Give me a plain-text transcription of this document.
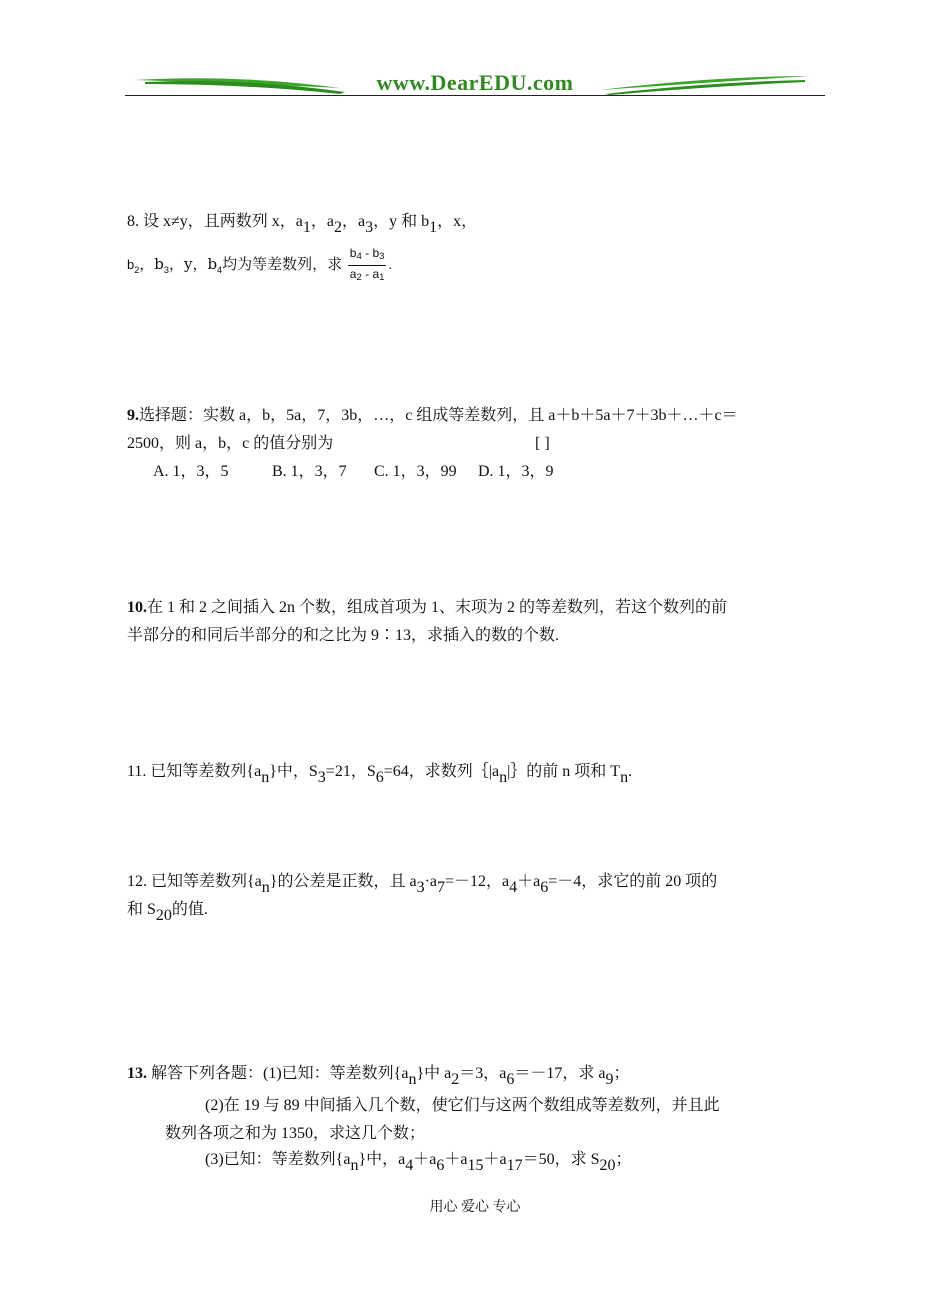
www.DearEDU.com
8. 设 x≠y，且两数列 x，$a_1$，$a_2$，$a_3$，y 和 $b_1$，x，
$b_2$，$b_3$，y，$b_4$均为等差数列，求 $\frac{b_4 - b_3}{a_2 - a_1}$ .
9.选择题：实数 a，b，5a，7，3b，…，c 组成等差数列，且 a＋b＋5a＋7＋3b＋…＋c＝
2500，则 a，b，c 的值分别为	[ ]
A. 1，3，5	B. 1，3，7 C. 1，3，99 D. 1，3，9
10.在 1 和 2 之间插入 2n 个数，组成首项为 1、末项为 2 的等差数列，若这个数列的前
半部分的和同后半部分的和之比为 9∶13，求插入的数的个数.
11. 已知等差数列$\{a_n\}$中，$S_3=21$，$S_6=64$，求数列$\{|a_n|\}$的前 n 项和 $T_n$.
12. 已知等差数列$\{a_n\}$的公差是正数，且 $a_3\cdot a_7=-12$，$a_4+a_6=-4$，求它的前 20 项的
和 $S_{20}$的值.
13. 解答下列各题：(1)已知：等差数列$\{a_n\}$中 $a_2=3$，$a_6=-17$，求 $a_9$；
(2)在 19 与 89 中间插入几个数，使它们与这两个数组成等差数列，并且此
数列各项之和为 1350，求这几个数；
(3)已知：等差数列$\{a_n\}$中，$a_4+a_6+a_{15}+a_{17}=50$，求 $S_{20}$；
用心 爱心 专心
